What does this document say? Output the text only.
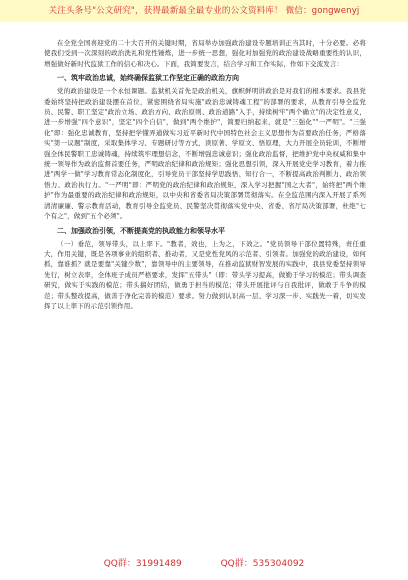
关注头条号"公文研究"，获得最新最全最专业的公文资料库！ 微信：gongwenyj

在全党全国喜迎党的二十大召开的关键时期，省局举办加强政治建设专题培训正当其时，十分必要。必将使我们受到一次深刻的政治洗礼和党性锤炼，进一步统一思想，强化对加强党的政治建设战略重要性的认识，增强做好新时代监狱工作的信心和决心。下面，我简要发言，结合学习和工作实际，作如下交流发言：

一、筑牢政治忠诚，始终确保监狱工作坚定正确的政治方向

党的政治建设是一个永恒课题。监狱机关首先是政治机关，旗帜鲜明讲政治是对我们的根本要求。我县党委始终坚持把政治建设摆在首位，紧密围绕省局实施"政治忠诚铸魂工程"的部署的要求，从教育引导全监党员、民警、职工坚定"政治立场、政治方向、政治原则、政治道路"入手，持续树牢"两个确立"的决定性意义，进一步增强"四个意识"，坚定"四个自信"，做到"两个维护"，简要归纳起来，就是"三强化""一严明"。"三强化"即：强化忠诚教育，坚持把学懂弄通做实习近平新时代中国特色社会主义思想作为首要政治任务，严格落实"第一议题"制度，采取集体学习、专题研讨等方式，读原著、学原文、悟原理，大力开展全员轮训，不断增强全体民警职工忠诚铸魂，持续筑牢理想信念，不断增强忠诚意识；强化政治监督，把维护党中央权威和集中统一领导作为政治监督首要任务，严明政治纪律和政治规矩；强化思想引领，深入开展党史学习教育，着力推进"两学一做"学习教育常态化制度化，引导党员干部坚持学思践悟、知行合一，不断提高政治判断力、政治领悟力、政治执行力。"一严明"即：严明党的政治纪律和政治规矩，深入学习把握"国之大者"，始终把"两个维护"作为最重要的政治纪律和政治规矩，以中央和省委省局决策部署贯彻落实。在全监范围内深入开展了系列清清廉廉、警示教育活动，教育引导全监党员、民警坚决贯彻落实党中央、省委、省厅局决策部署，杜绝"七个有之"，做到"五个必须"。

二、加强政治引领，不断提高党的执政能力和领导水平

（一）垂范，领导带头，以上率下。"教者，效也，上为之，下效之。"党员领导干部位置特殊，责任重大，作用关键，既是各项事业的组织者、推动者，又是党性党风的示范者、引领者。加强党的政治建设，如何抓，靠谁抓？就是要靠"关键少数"，靠领导中的主要领导，在推动监狱财智发展的实践中，我县党委坚持领导先行，树立表率，全体班子成员严格要求，发挥"五带头"（即：带头学习提高，做勤于学习的模范；带头调查研究，做实于实践的模范；带头搞好团结，做勇于担当的模范；带头开展批评与自我批评，做敢于斗争的模范；带头整改提高，做善于净化完善的模范）要求。努力做到认识高一层、学习深一步、实践先一着，切实发挥了以上率下的示范引领作用。

QQ群：31991489	QQ群：535304092
